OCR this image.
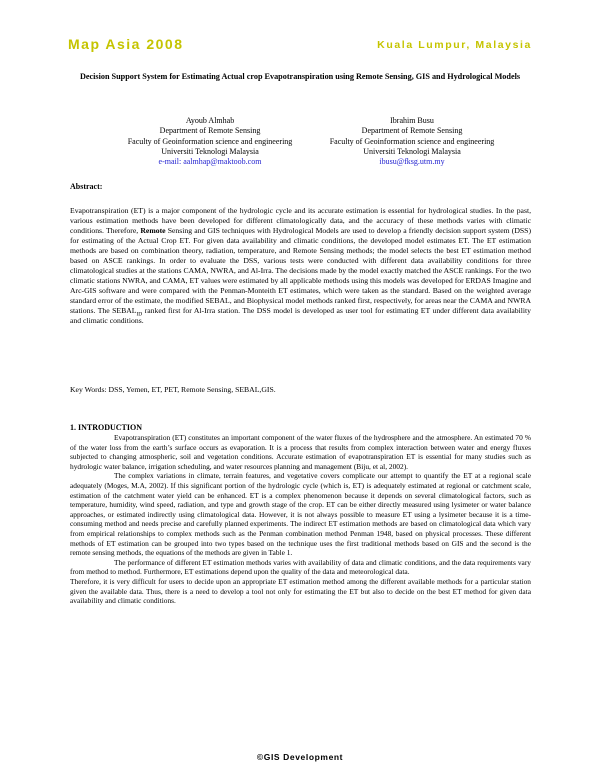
Map Asia 2008	Kuala Lumpur, Malaysia
Decision Support System for Estimating Actual crop Evapotranspiration using Remote Sensing, GIS and Hydrological Models
Ayoub Almhab
Department of Remote Sensing
Faculty of Geoinformation science and engineering
Universiti Teknologi Malaysia
e-mail: aalmhap@maktoob.com
Ibrahim Busu
Department of Remote Sensing
Faculty of Geoinformation science and engineering
Universiti Teknologi Malaysia
ibusu@fksg.utm.my
Abstract:
Evapotranspiration (ET) is a major component of the hydrologic cycle and its accurate estimation is essential for hydrological studies. In the past, various estimation methods have been developed for different climatologically data, and the accuracy of these methods varies with climatic conditions. Therefore, Remote Sensing and GIS techniques with Hydrological Models are used to develop a friendly decision support system (DSS) for estimating of the Actual Crop ET. For given data availability and climatic conditions, the developed model estimates ET. The ET estimation methods are based on combination theory, radiation, temperature, and Remote Sensing methods; the model selects the best ET estimation method based on ASCE rankings. In order to evaluate the DSS, various tests were conducted with different data availability conditions for three climatological studies at the stations CAMA, NWRA, and Al-Irra. The decisions made by the model exactly matched the ASCE rankings. For the two climatic stations NWRA, and CAMA, ET values were estimated by all applicable methods using this models was developed for ERDAS Imagine and Arc-GIS software and were compared with the Penman-Monteith ET estimates, which were taken as the standard. Based on the weighted average standard error of the estimate, the modified SEBAL, and Biophysical model methods ranked first, respectively, for areas near the CAMA and NWRA stations. The $SEBAL_{ID}$ ranked first for Al-Irra station. The DSS model is developed as user tool for estimating ET under different data availability and climatic conditions.
Key Words: DSS, Yemen, ET, PET, Remote Sensing, SEBAL,GIS.
1. INTRODUCTION

Evapotranspiration (ET) constitutes an important component of the water fluxes of the hydrosphere and the atmosphere. An estimated 70 % of the water loss from the earth’s surface occurs as evaporation. It is a process that results from complex interaction between water and energy fluxes subjected to changing atmospheric, soil and vegetation conditions. Accurate estimation of evapotranspiration ET is essential for many studies such as hydrologic water balance, irrigation scheduling, and water resources planning and management (Biju, et al, 2002).

The complex variations in climate, terrain features, and vegetative covers complicate our attempt to quantify the ET at a regional scale adequately (Moges, M.A, 2002). If this significant portion of the hydrologic cycle (which is, ET) is adequately estimated at regional or catchment scale, estimation of the catchment water yield can be enhanced. ET is a complex phenomenon because it depends on several climatological factors, such as temperature, humidity, wind speed, radiation, and type and growth stage of the crop. ET can be either directly measured using lysimeter or water balance approaches, or estimated indirectly using climatological data. However, it is not always possible to measure ET using a lysimeter because it is a time-consuming method and needs precise and carefully planned experiments. The indirect ET estimation methods are based on climatological data which vary from empirical relationships to complex methods such as the Penman combination method Penman 1948, based on physical processes. These different methods of ET estimation can be grouped into two types based on the technique uses the first traditional methods based on GIS and the second is the remote sensing methods, the equations of the methods are given in Table 1.

The performance of different ET estimation methods varies with availability of data and climatic conditions, and the data requirements vary from method to method. Furthermore, ET estimations depend upon the quality of the data and meteorological data.

Therefore, it is very difficult for users to decide upon an appropriate ET estimation method among the different available methods for a particular station given the available data. Thus, there is a need to develop a tool not only for estimating the ET but also to decide on the best ET method for given data availability and climatic conditions.

©GIS Development
